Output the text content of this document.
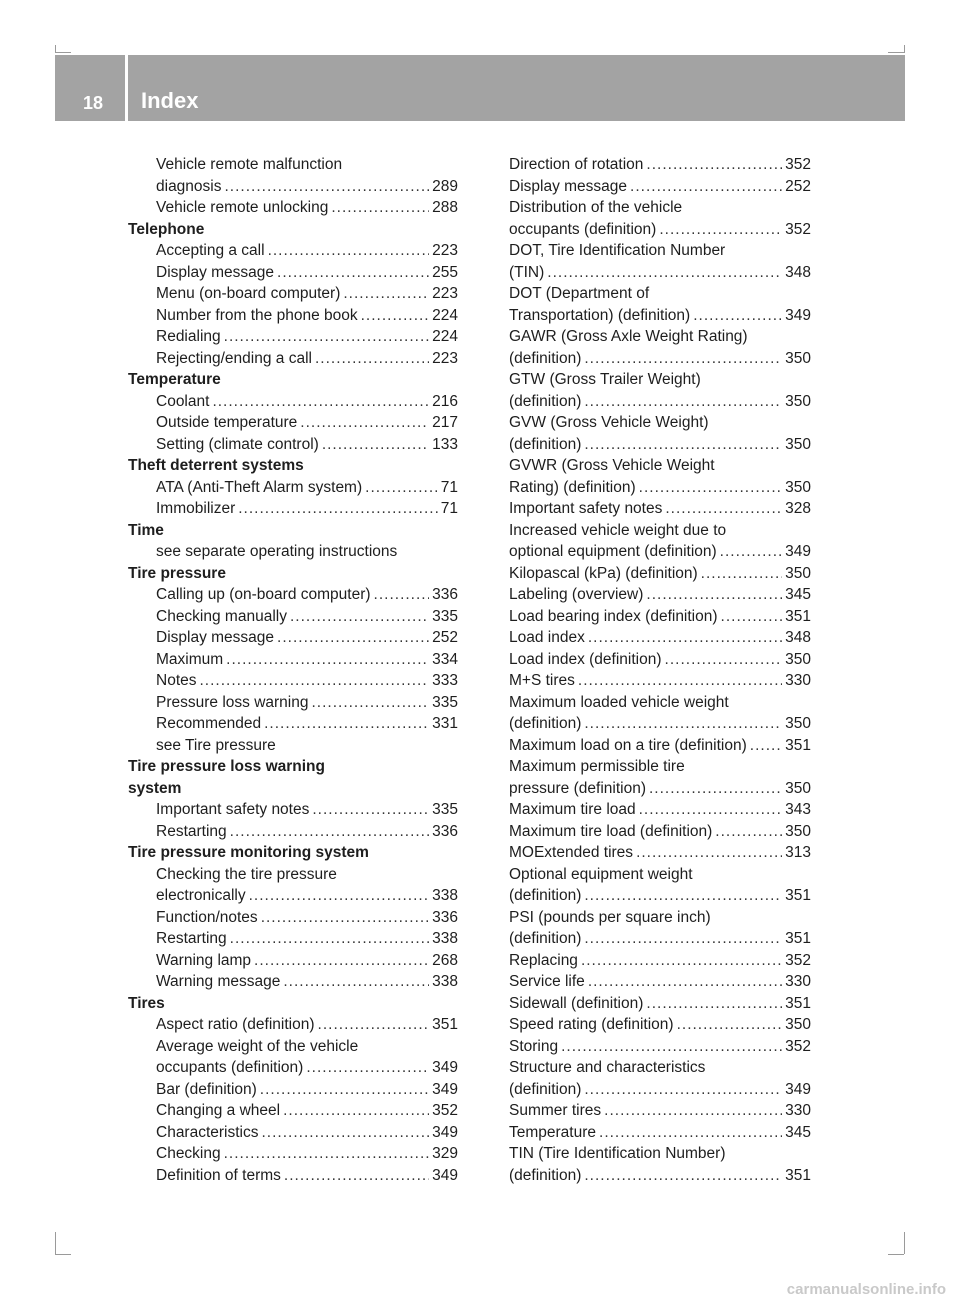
18 Index
Vehicle remote malfunction
diagnosis .....	289
Vehicle remote unlocking .....	288
Telephone
Accepting a call .....	223
Display message .....	255
Menu (on-board computer) .....	223
Number from the phone book .....	224
Redialing .....	224
Rejecting/ending a call .....	223
Temperature
Coolant .....	216
Outside temperature .....	217
Setting (climate control) .....	133
Theft deterrent systems
ATA (Anti-Theft Alarm system) .....	71
Immobilizer .....	71
Time
see separate operating instructions
Tire pressure
Calling up (on-board computer) .....	336
Checking manually .....	335
Display message .....	252
Maximum .....	334
Notes .....	333
Pressure loss warning .....	335
Recommended .....	331
see Tire pressure
Tire pressure loss warning
system
Important safety notes .....	335
Restarting .....	336
Tire pressure monitoring system
Checking the tire pressure
electronically .....	338
Function/notes .....	336
Restarting .....	338
Warning lamp .....	268
Warning message .....	338
Tires
Aspect ratio (definition) .....	351
Average weight of the vehicle
occupants (definition) .....	349
Bar (definition) .....	349
Changing a wheel .....	352
Characteristics .....	349
Checking .....	329
Definition of terms .....	349
Direction of rotation .....	352
Display message .....	252
Distribution of the vehicle
occupants (definition) .....	352
DOT, Tire Identification Number
(TIN) .....	348
DOT (Department of
Transportation) (definition) .....	349
GAWR (Gross Axle Weight Rating)
(definition) .....	350
GTW (Gross Trailer Weight)
(definition) .....	350
GVW (Gross Vehicle Weight)
(definition) .....	350
GVWR (Gross Vehicle Weight
Rating) (definition) .....	350
Important safety notes .....	328
Increased vehicle weight due to
optional equipment (definition) .....	349
Kilopascal (kPa) (definition) .....	350
Labeling (overview) .....	345
Load bearing index (definition) .....	351
Load index .....	348
Load index (definition) .....	350
M+S tires .....	330
Maximum loaded vehicle weight
(definition) .....	350
Maximum load on a tire (definition) ..... 351
Maximum permissible tire
pressure (definition) .....	350
Maximum tire load .....	343
Maximum tire load (definition) .....	350
MOExtended tires .....	313
Optional equipment weight
(definition) .....	351
PSI (pounds per square inch)
(definition) .....	351
Replacing .....	352
Service life .....	330
Sidewall (definition) .....	351
Speed rating (definition) .....	350
Storing .....	352
Structure and characteristics
(definition) .....	349
Summer tires .....	330
Temperature .....	345
TIN (Tire Identification Number)
(definition) .....	351
carmanualsonline.info
